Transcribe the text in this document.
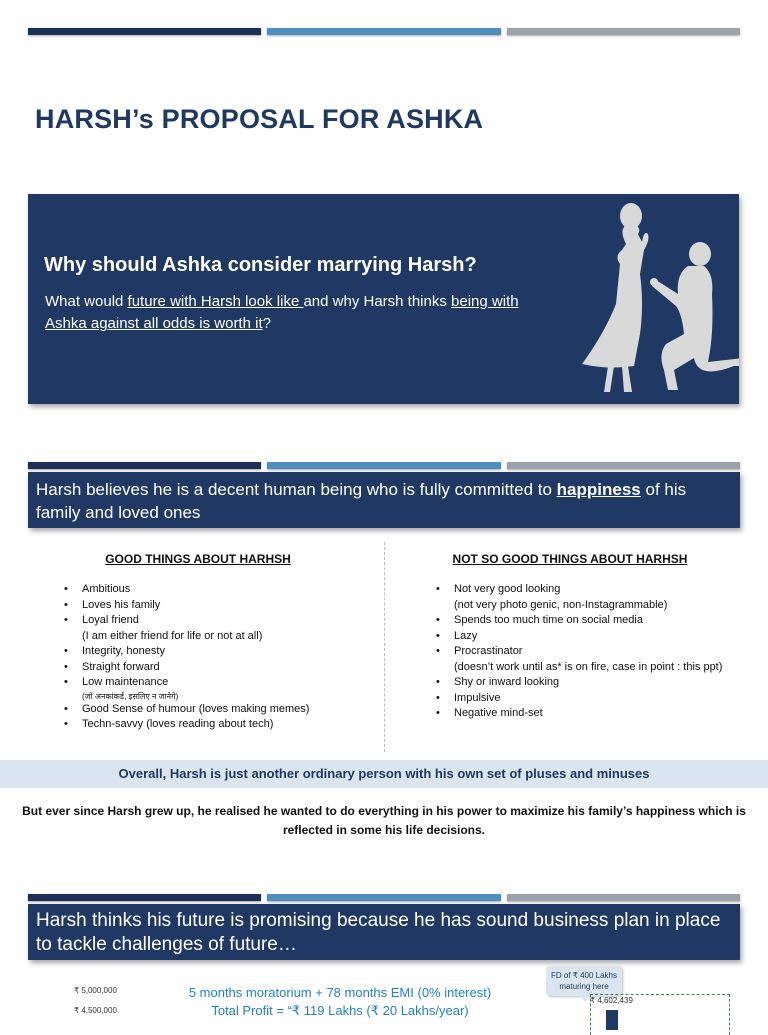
HARSH’s PROPOSAL FOR ASHKA
Why should Ashka consider marrying Harsh?
What would future with Harsh look like and why Harsh thinks being with Ashka against all odds is worth it?
Harsh believes he is a decent human being who is fully committed to happiness of his family and loved ones
GOOD THINGS ABOUT HARHSH
• Ambitious
• Loves his family
• Loyal friend
(I am either friend for life or not at all)
• Integrity, honesty
• Straight forward
• Low maintenance
(जो अनकांकर्ड, इसलिए न जानेगे)
• Good Sense of humour (loves making memes)
• Techn-savvy (loves reading about tech)
NOT SO GOOD THINGS ABOUT HARHSH
• Not very good looking
(not very photo genic, non-Instagrammable)
• Spends too much time on social media
• Lazy
• Procrastinator
(doesn’t work until as* is on fire, case in point : this ppt)
• Shy or inward looking
• Impulsive
• Negative mind-set
Overall, Harsh is just another ordinary person with his own set of pluses and minuses
But ever since Harsh grew up, he realised he wanted to do everything in his power to maximize his family’s happiness which is reflected in some his life decisions.
Harsh thinks his future is promising because he has sound business plan in place to tackle challenges of future…
₹ 5,000,000
₹ 4,500,000
5 months moratorium + 78 months EMI (0% interest)
Total Profit = “₹ 119 Lakhs (₹ 20 Lakhs/year)
FD of ₹ 400 Lakhs maturing here
₹ 4,602,439
